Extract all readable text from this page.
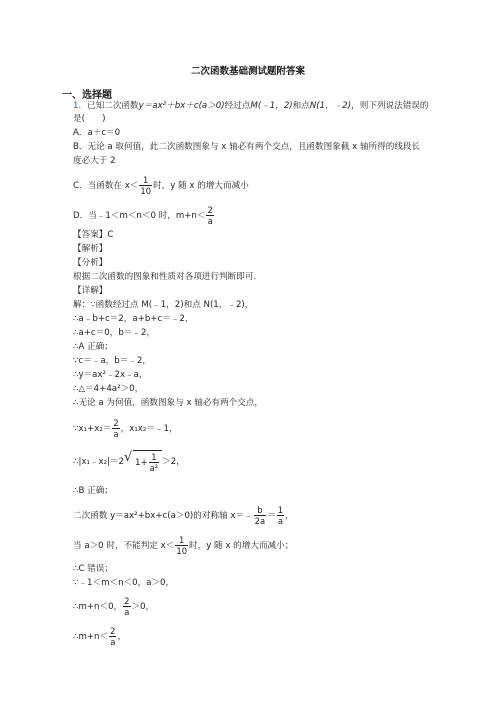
二次函数基础测试题附答案
一、选择题
1．已知二次函数y＝ax²＋bx＋c(a＞0)经过点M(﹣1，2)和点N(1，﹣2)，则下列说法错误的
是(　　)
A．a＋c＝0
B．无论 a 取何值，此二次函数图象与 x 轴必有两个交点，且函数图象截 x 轴所得的线段长
度必大于 2
C．当函数在 $x< \frac{1}{10}$ 时，y 随 x 的增大而减小
D．当﹣1＜m＜n＜0 时，$m+n< \frac{2}{a}$
【答案】C
【解析】
【分析】
根据二次函数的图象和性质对各项进行判断即可.
【详解】
解：∵函数经过点 M(﹣1，2)和点 N(1，﹣2)，
∴a﹣b+c＝2，a+b+c＝﹣2，
∴a+c＝0，b＝﹣2，
∴A 正确；
∵c＝﹣a，b＝﹣2，
∴y＝ax²﹣2x﹣a，
∴△＝4+4a²＞0，
∴无论 a 为何值，函数图象与 x 轴必有两个交点，
∵x₁+x₂＝ $\frac{2}{a}$ ，x₁x₂＝﹣1，
∴|x₁﹣x₂|＝2 √ $1+ \frac{1}{\text{a²}} >2$，
∴B 正确；
二次函数 y＝ax²+bx+c(a＞0)的对称轴 x＝﹣ $\frac{b}{2a} = \frac{1}{a}$ ，
当 a＞0 时，不能判定 $x< \frac{1}{10}$ 时，y 随 x 的增大而减小；
∴C 错误；
∵﹣1＜m＜n＜0，a＞0，
∴m+n＜0， $\frac{2}{a} >0$，
∴m+n＜ $\frac{2}{a}$ ，
